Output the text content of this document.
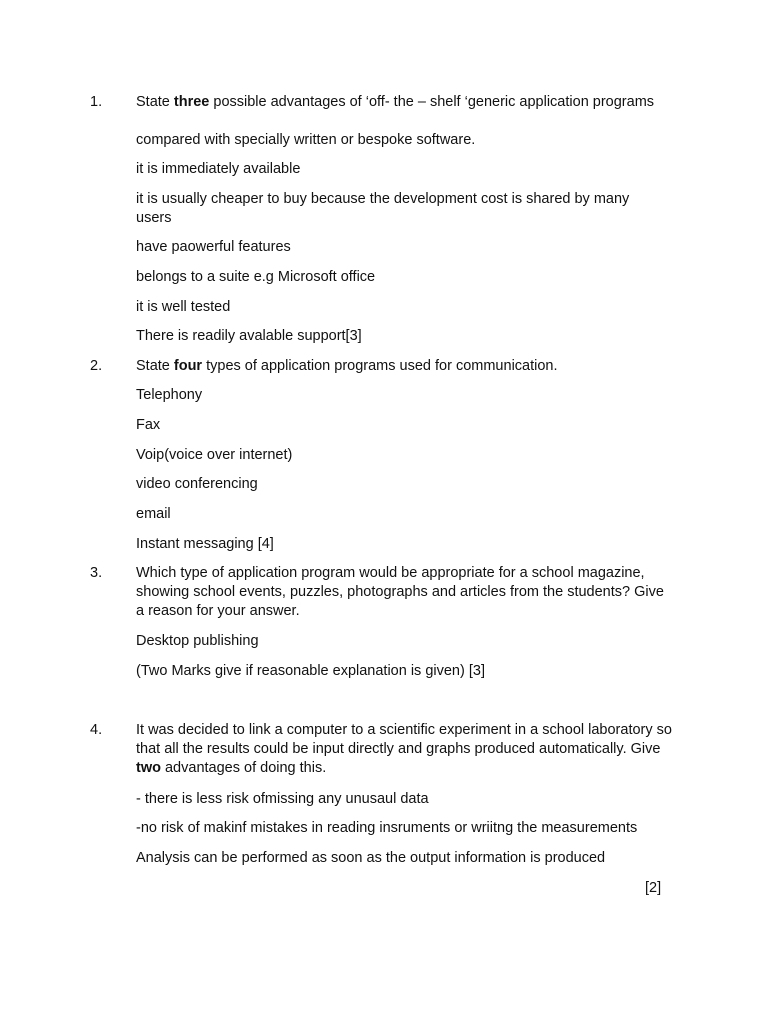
1. State three possible advantages of ‘off- the – shelf ‘generic application programs
compared with specially written or bespoke software.
it is immediately available
it is usually cheaper to buy because the development cost is shared by many users
have paowerful features
belongs to a suite e.g Microsoft office
it is well tested
There is readily avalable support[3]
2. State four types of application programs used for communication.
Telephony
Fax
Voip(voice over internet)
video conferencing
email
Instant messaging [4]
3. Which type of application program would be appropriate for a school magazine, showing school events, puzzles, photographs and articles from the students? Give a reason for your answer.
Desktop publishing
(Two Marks give if reasonable explanation is given) [3]
4. It was decided to link a computer to a scientific experiment in a school laboratory so that all the results could be input directly and graphs produced automatically. Give two advantages of doing this.
- there is less risk ofmissing any unusaul data
-no risk of makinf mistakes in reading insruments or wriitng the measurements
Analysis can be performed as soon as the output information is produced
[2]
